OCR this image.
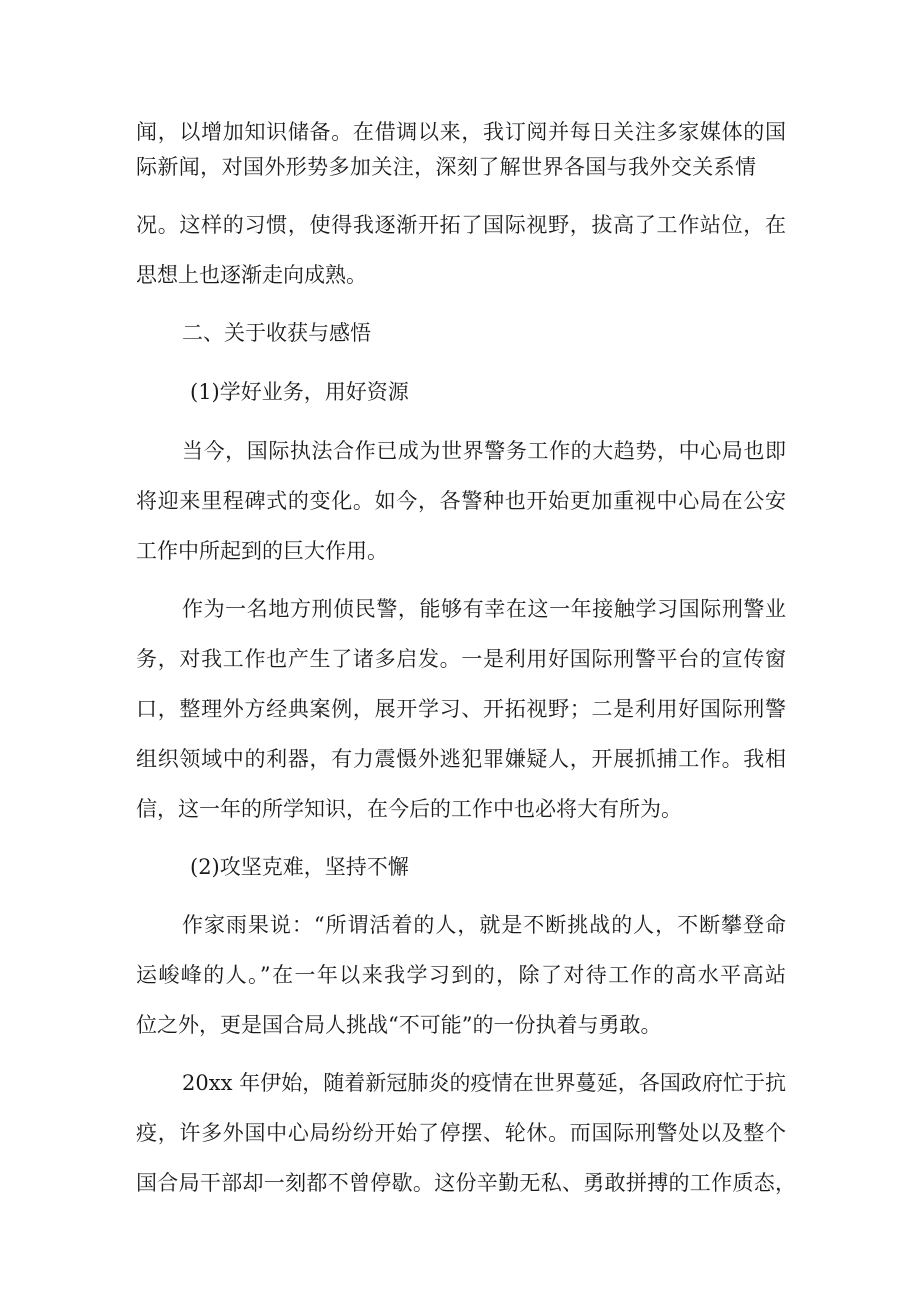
闻，以增加知识储备。在借调以来，我订阅并每日关注多家媒体的国
际新闻，对国外形势多加关注，深刻了解世界各国与我外交关系情
况。这样的习惯，使得我逐渐开拓了国际视野，拔高了工作站位，在
思想上也逐渐走向成熟。
二、关于收获与感悟
(1)学好业务，用好资源
当今，国际执法合作已成为世界警务工作的大趋势，中心局也即
将迎来里程碑式的变化。如今，各警种也开始更加重视中心局在公安
工作中所起到的巨大作用。
作为一名地方刑侦民警，能够有幸在这一年接触学习国际刑警业
务，对我工作也产生了诸多启发。一是利用好国际刑警平台的宣传窗
口，整理外方经典案例，展开学习、开拓视野；二是利用好国际刑警
组织领域中的利器，有力震慑外逃犯罪嫌疑人，开展抓捕工作。我相
信，这一年的所学知识，在今后的工作中也必将大有所为。
(2)攻坚克难，坚持不懈
作家雨果说：“所谓活着的人，就是不断挑战的人，不断攀登命
运峻峰的人。”在一年以来我学习到的，除了对待工作的高水平高站
位之外，更是国合局人挑战“不可能”的一份执着与勇敢。
20xx 年伊始，随着新冠肺炎的疫情在世界蔓延，各国政府忙于抗
疫，许多外国中心局纷纷开始了停摆、轮休。而国际刑警处以及整个
国合局干部却一刻都不曾停歇。这份辛勤无私、勇敢拼搏的工作质态，
